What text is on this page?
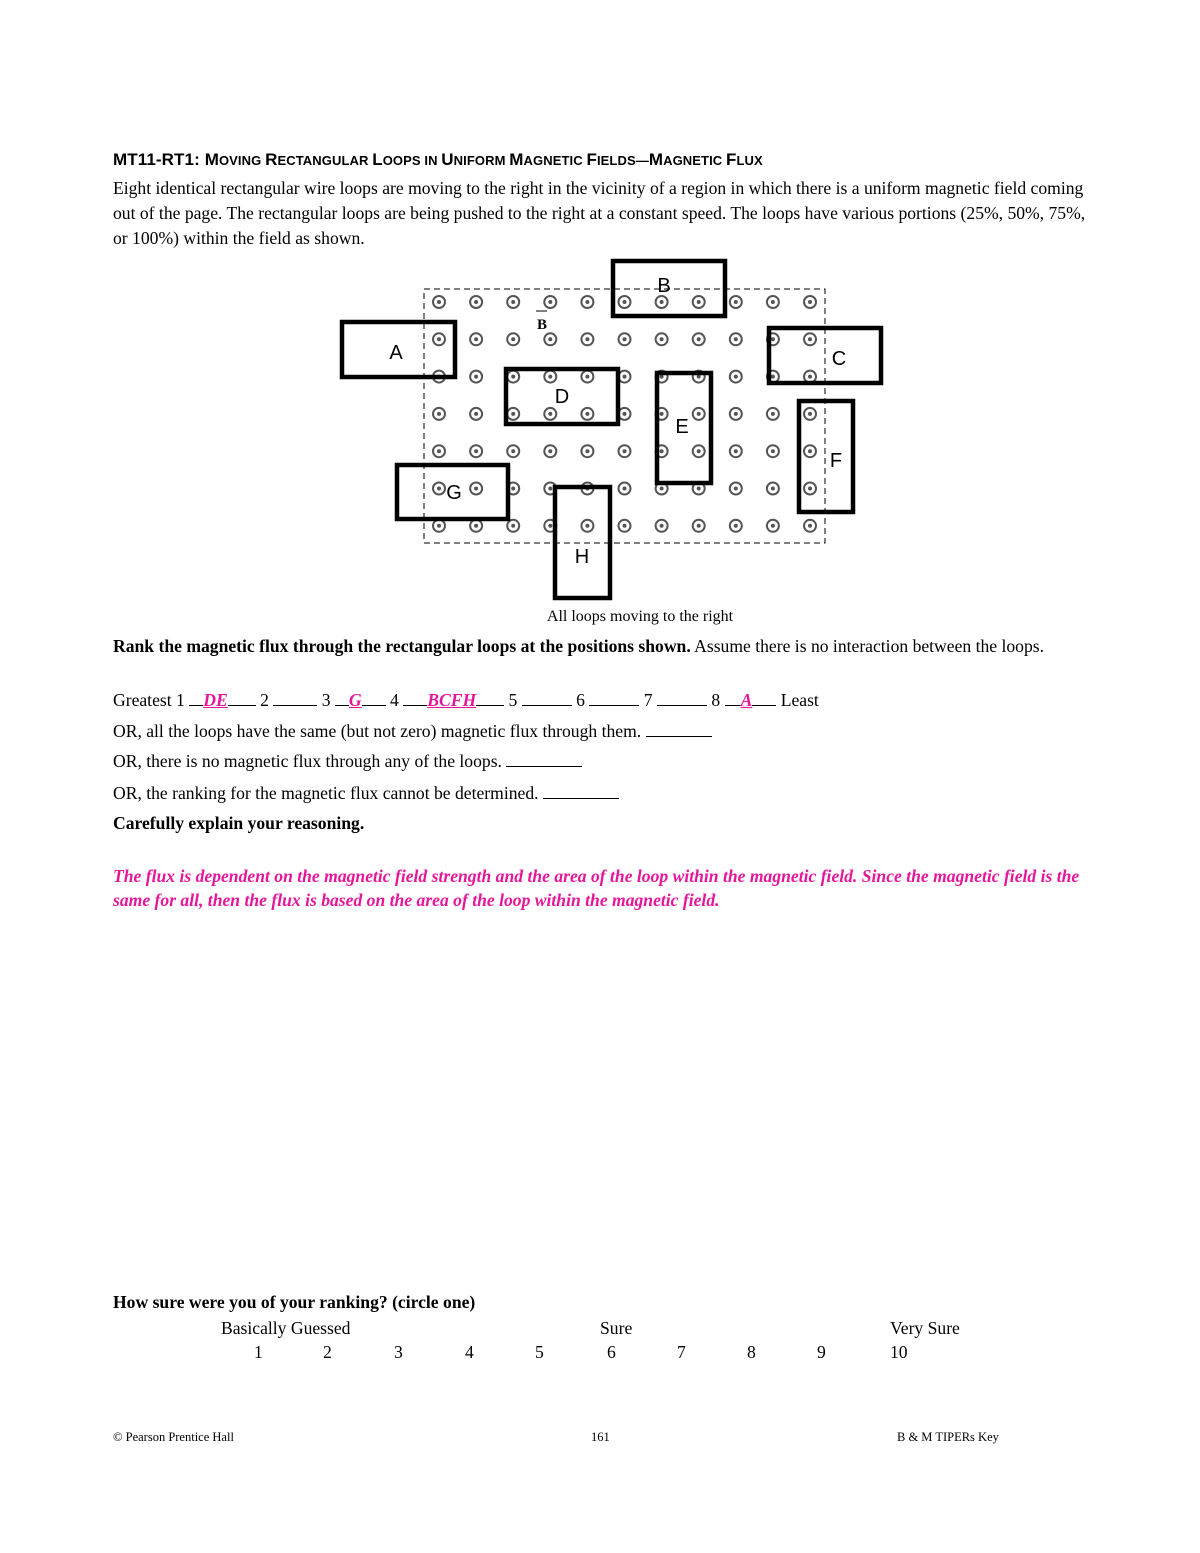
MT11-RT1: MOVING RECTANGULAR LOOPS IN UNIFORM MAGNETIC FIELDS—MAGNETIC FLUX
Eight identical rectangular wire loops are moving to the right in the vicinity of a region in which there is a uniform magnetic field coming out of the page. The rectangular loops are being pushed to the right at a constant speed. The loops have various portions (25%, 50%, 75%, or 100%) within the field as shown.
A
B
C
D
E
F
G
H
B
All loops moving to the right
Rank the magnetic flux through the rectangular loops at the positions shown. Assume there is no interaction between the loops.
Greatest 1 DE 2	3 G 4 BCFH 5	6	7	8 A Least
OR, all the loops have the same (but not zero) magnetic flux through them.
OR, there is no magnetic flux through any of the loops.
OR, the ranking for the magnetic flux cannot be determined.
Carefully explain your reasoning.
The flux is dependent on the magnetic field strength and the area of the loop within the magnetic field. Since the magnetic field is the same for all, then the flux is based on the area of the loop within the magnetic field.
How sure were you of your ranking? (circle one)
Basically Guessed	Sure	Very Sure
1	2	3	4	5	6	7	8	9	10
© Pearson Prentice Hall	161	B & M TIPERs Key
